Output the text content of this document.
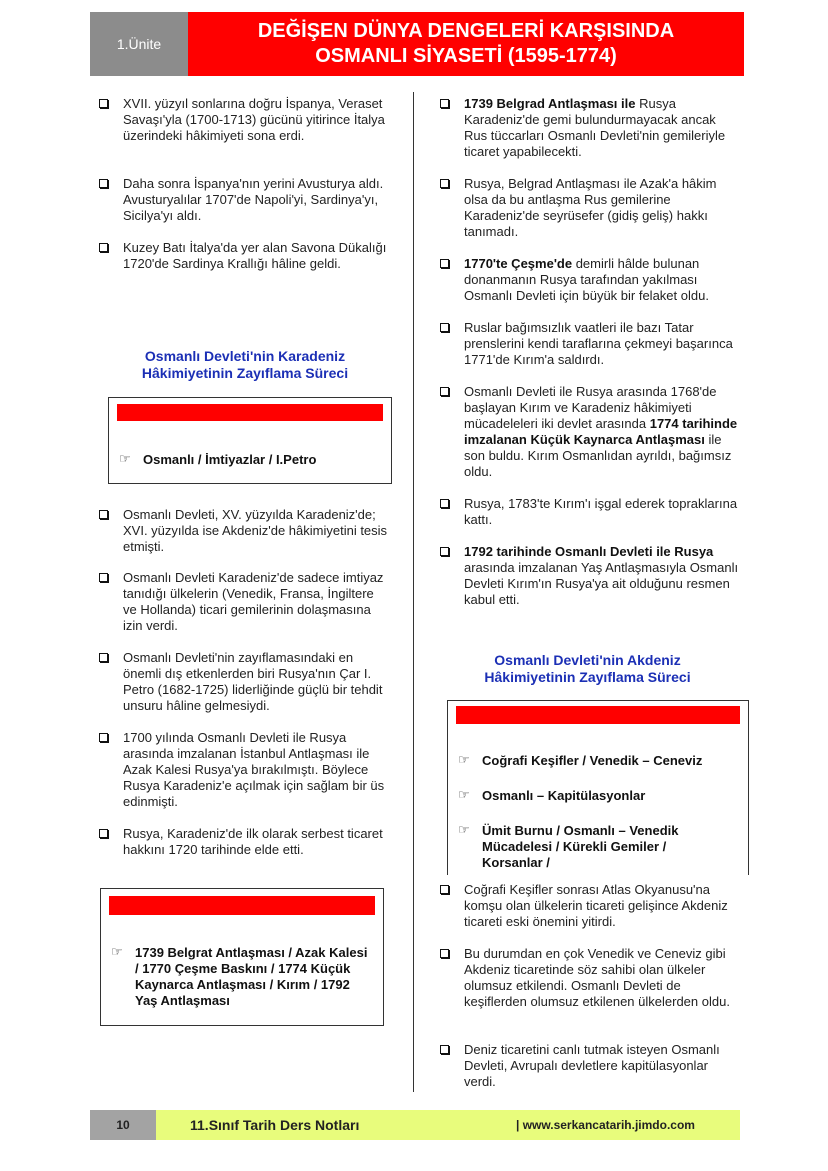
1.Ünite
DEĞİŞEN DÜNYA DENGELERİ KARŞISINDA
OSMANLI SİYASETİ (1595-1774)
XVII. yüzyıl sonlarına doğru İspanya, Veraset Savaşı'yla (1700-1713) gücünü yitirince İtalya üzerindeki hâkimiyeti sona erdi.
Daha sonra İspanya'nın yerini Avusturya aldı. Avusturyalılar 1707'de Napoli'yi, Sardinya'yı, Sicilya'yı aldı.
Kuzey Batı İtalya'da yer alan Savona Dükalığı 1720'de Sardinya Krallığı hâline geldi.
Osmanlı Devleti'nin Karadeniz
Hâkimiyetinin Zayıflama Süreci
☞ Osmanlı / İmtiyazlar / I.Petro
Osmanlı Devleti, XV. yüzyılda Karadeniz'de; XVI. yüzyılda ise Akdeniz'de hâkimiyetini tesis etmişti.
Osmanlı Devleti Karadeniz'de sadece imtiyaz tanıdığı ülkelerin (Venedik, Fransa, İngiltere ve Hollanda) ticari gemilerinin dolaşmasına izin verdi.
Osmanlı Devleti'nin zayıflamasındaki en önemli dış etkenlerden biri Rusya'nın Çar I. Petro (1682-1725) liderliğinde güçlü bir tehdit unsuru hâline gelmesiydi.
1700 yılında Osmanlı Devleti ile Rusya arasında imzalanan İstanbul Antlaşması ile Azak Kalesi Rusya'ya bırakılmıştı. Böylece Rusya Karadeniz'e açılmak için sağlam bir üs edinmişti.
Rusya, Karadeniz'de ilk olarak serbest ticaret hakkını 1720 tarihinde elde etti.
☞ 1739 Belgrat Antlaşması / Azak Kalesi / 1770 Çeşme Baskını / 1774 Küçük Kaynarca Antlaşması / Kırım / 1792 Yaş Antlaşması
1739 Belgrad Antlaşması ile Rusya Karadeniz'de gemi bulundurmayacak ancak Rus tüccarları Osmanlı Devleti'nin gemileriyle ticaret yapabilecekti.
Rusya, Belgrad Antlaşması ile Azak'a hâkim olsa da bu antlaşma Rus gemilerine Karadeniz'de seyrüsefer (gidiş geliş) hakkı tanımadı.
1770'te Çeşme'de demirli hâlde bulunan donanmanın Rusya tarafından yakılması Osmanlı Devleti için büyük bir felaket oldu.
Ruslar bağımsızlık vaatleri ile bazı Tatar prenslerini kendi taraflarına çekmeyi başarınca 1771'de Kırım'a saldırdı.
Osmanlı Devleti ile Rusya arasında 1768'de başlayan Kırım ve Karadeniz hâkimiyeti mücadeleleri iki devlet arasında 1774 tarihinde imzalanan Küçük Kaynarca Antlaşması ile son buldu. Kırım Osmanlıdan ayrıldı, bağımsız oldu.
Rusya, 1783'te Kırım'ı işgal ederek topraklarına kattı.
1792 tarihinde Osmanlı Devleti ile Rusya arasında imzalanan Yaş Antlaşmasıyla Osmanlı Devleti Kırım'ın Rusya'ya ait olduğunu resmen kabul etti.
Osmanlı Devleti'nin Akdeniz
Hâkimiyetinin Zayıflama Süreci
☞ Coğrafi Keşifler / Venedik – Ceneviz
☞ Osmanlı – Kapitülasyonlar
☞ Ümit Burnu / Osmanlı – Venedik Mücadelesi / Kürekli Gemiler / Korsanlar /
Coğrafi Keşifler sonrası Atlas Okyanusu'na komşu olan ülkelerin ticareti gelişince Akdeniz ticareti eski önemini yitirdi.
Bu durumdan en çok Venedik ve Ceneviz gibi Akdeniz ticaretinde söz sahibi olan ülkeler olumsuz etkilendi. Osmanlı Devleti de keşiflerden olumsuz etkilenen ülkelerden oldu.
Deniz ticaretini canlı tutmak isteyen Osmanlı Devleti, Avrupalı devletlere kapitülasyonlar verdi.
10	11.Sınıf Tarih Ders Notları	| www.serkancatarih.jimdo.com
